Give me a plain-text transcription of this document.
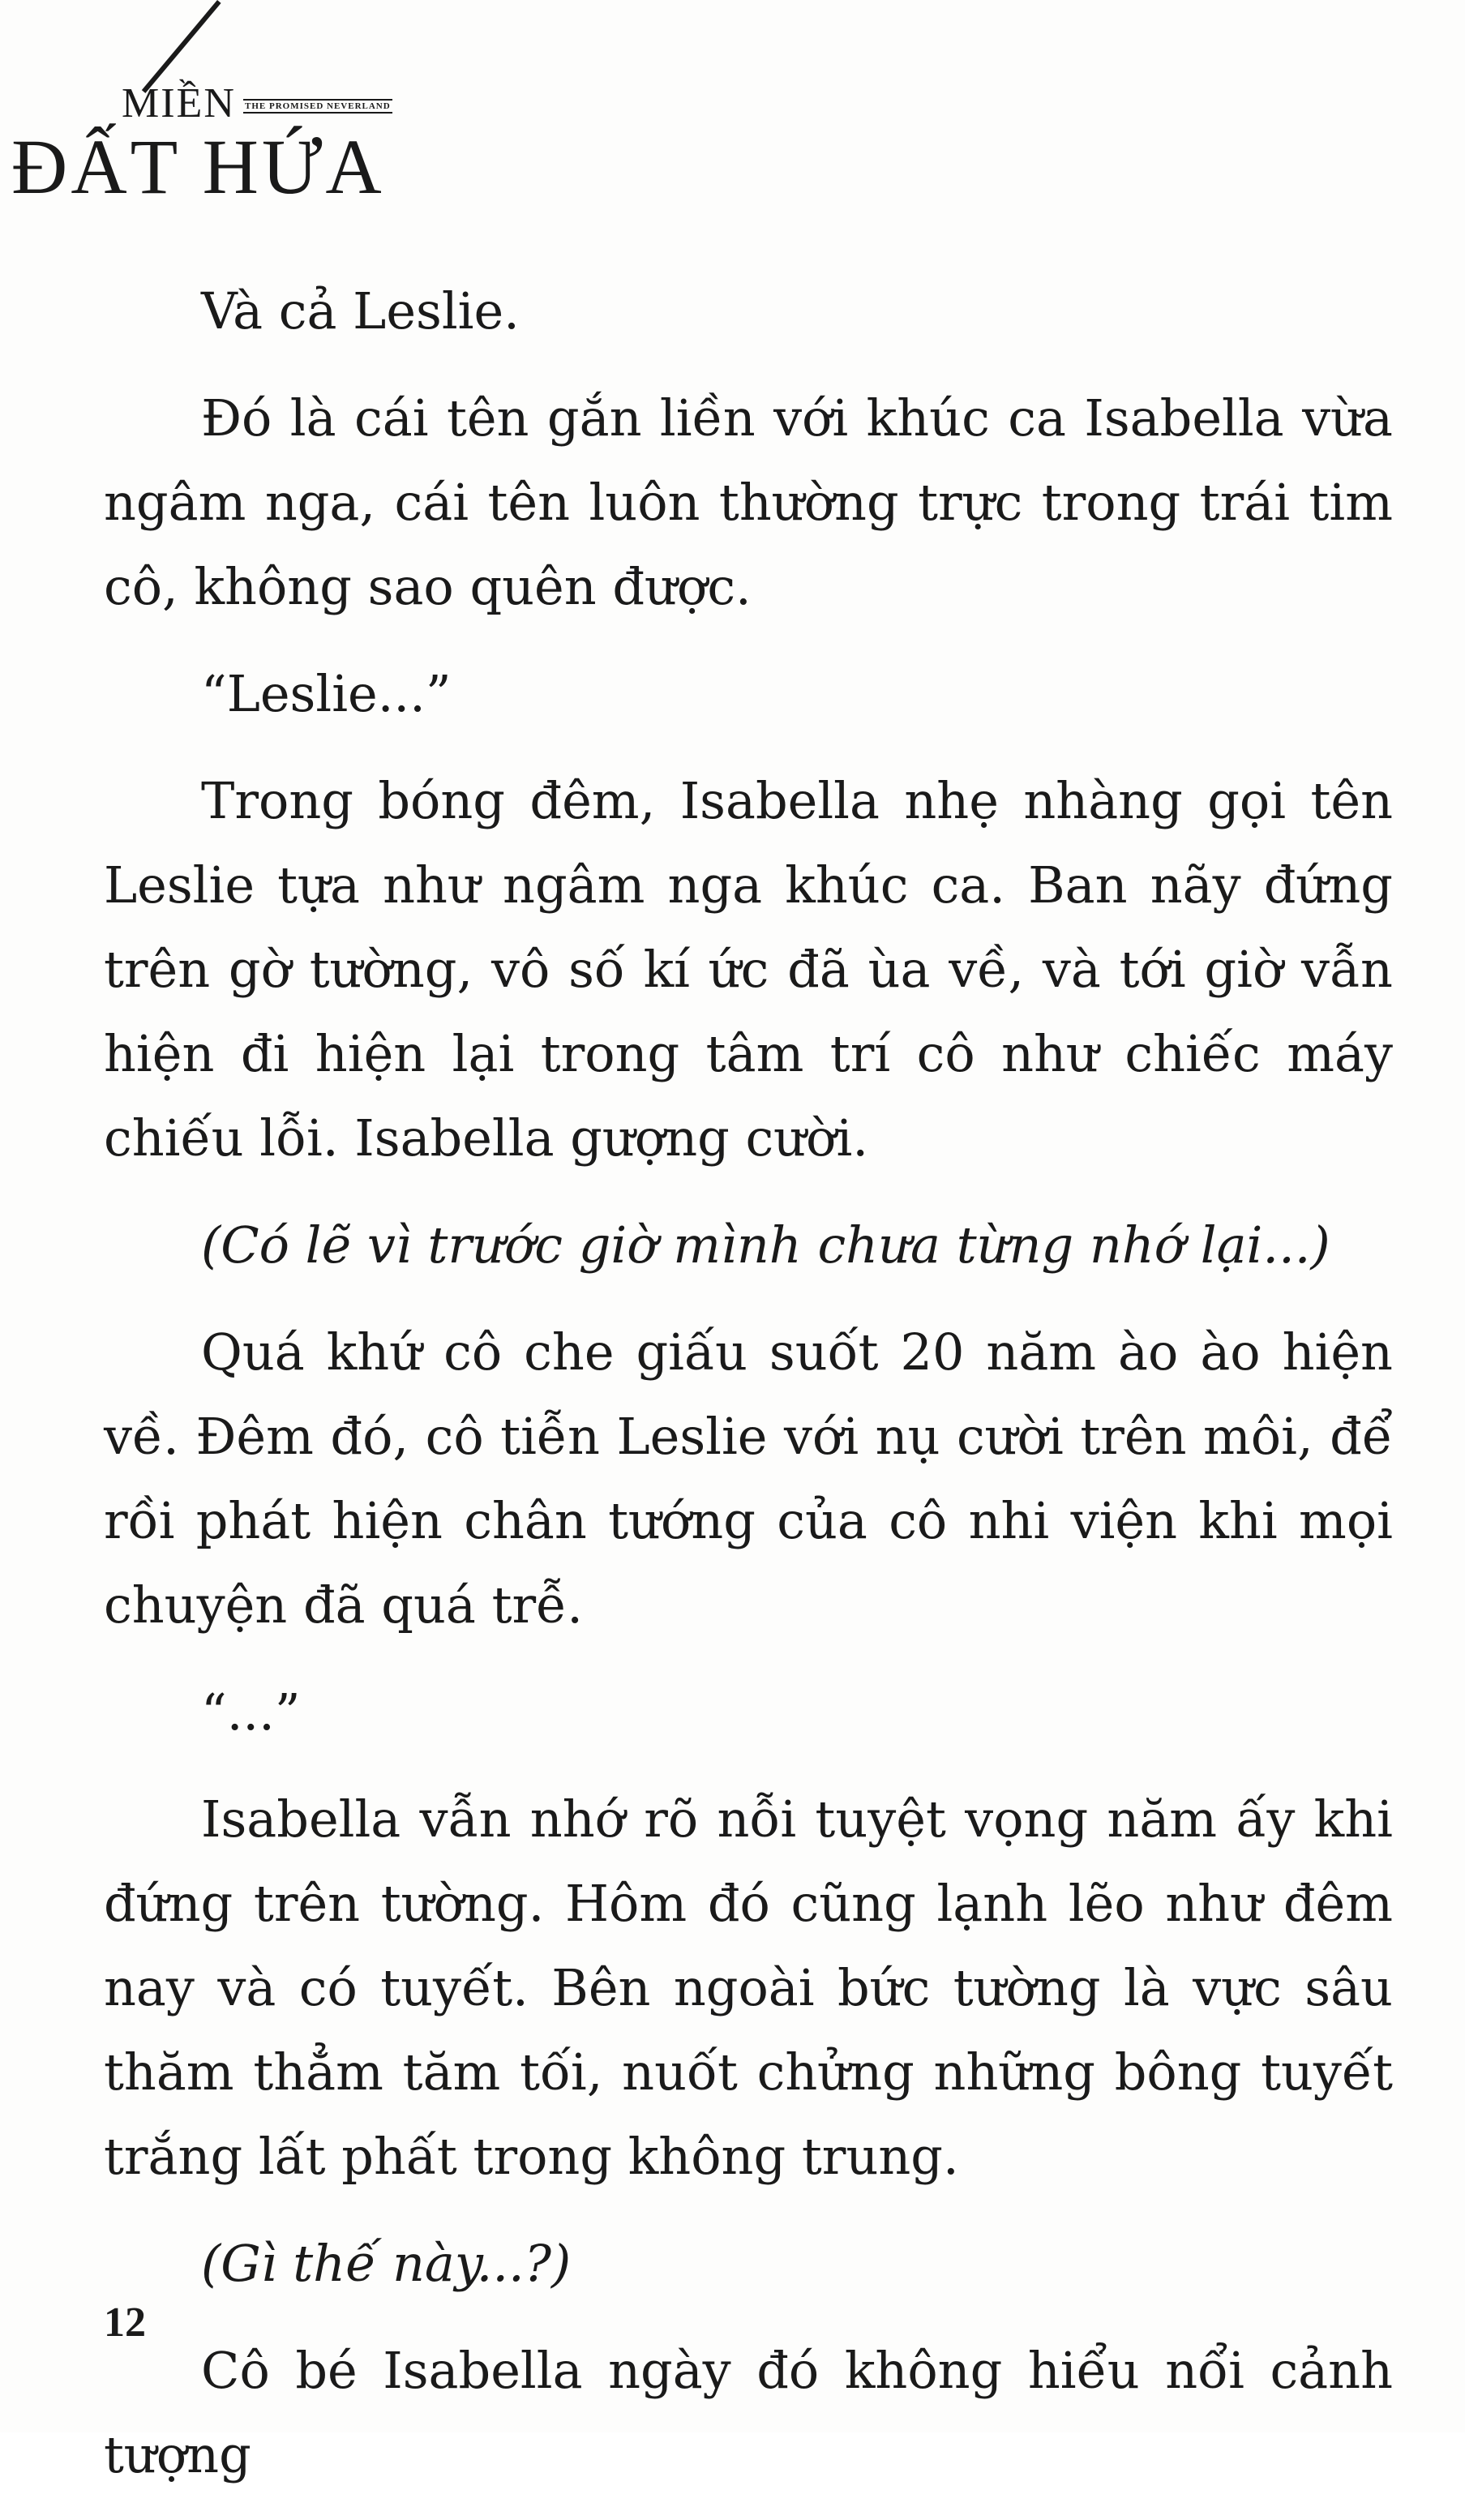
MIỀN THE PROMISED NEVERLAND
ĐẤT HỨA

Và cả Leslie.

Đó là cái tên gắn liền với khúc ca Isabella vừa ngâm nga, cái tên luôn thường trực trong trái tim cô, không sao quên được.

“Leslie...”

Trong bóng đêm, Isabella nhẹ nhàng gọi tên Leslie tựa như ngâm nga khúc ca. Ban nãy đứng trên gờ tường, vô số kí ức đã ùa về, và tới giờ vẫn hiện đi hiện lại trong tâm trí cô như chiếc máy chiếu lỗi. Isabella gượng cười.

(Có lẽ vì trước giờ mình chưa từng nhớ lại...)

Quá khứ cô che giấu suốt 20 năm ào ào hiện về. Đêm đó, cô tiễn Leslie với nụ cười trên môi, để rồi phát hiện chân tướng của cô nhi viện khi mọi chuyện đã quá trễ.

“...”

Isabella vẫn nhớ rõ nỗi tuyệt vọng năm ấy khi đứng trên tường. Hôm đó cũng lạnh lẽo như đêm nay và có tuyết. Bên ngoài bức tường là vực sâu thăm thẳm tăm tối, nuốt chửng những bông tuyết trắng lất phất trong không trung.

(Gì thế này...?)

Cô bé Isabella ngày đó không hiểu nổi cảnh tượng

12
